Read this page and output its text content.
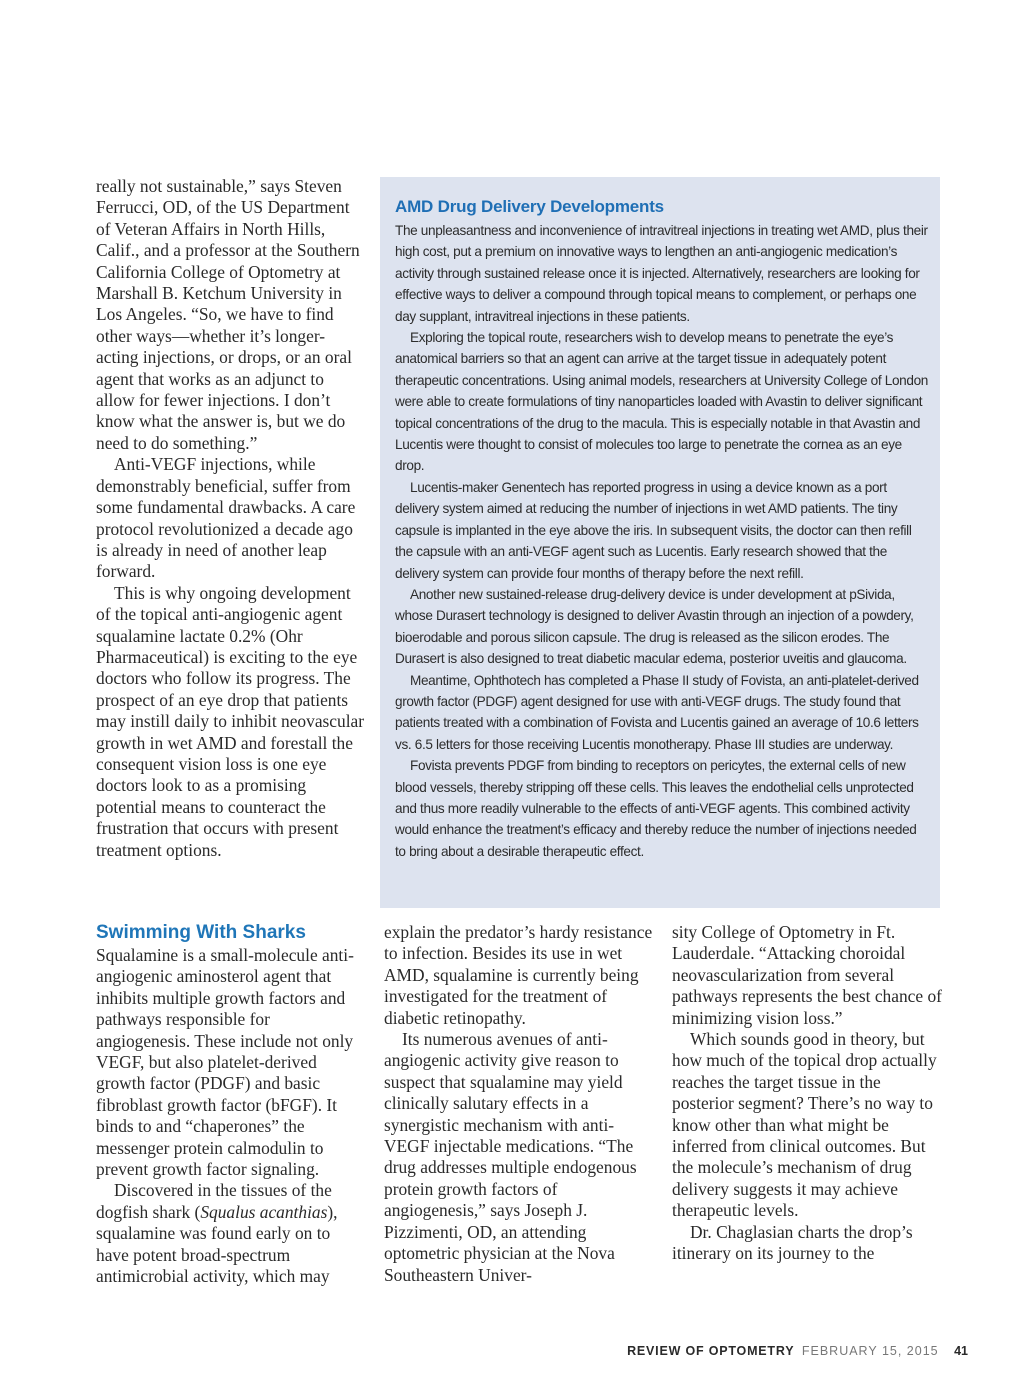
really not sustainable,” says Steven Ferrucci, OD, of the US Department of Veteran Affairs in North Hills, Calif., and a professor at the Southern California College of Optometry at Marshall B. Ketchum University in Los Angeles. “So, we have to find other ways—whether it’s longer-acting injections, or drops, or an oral agent that works as an adjunct to allow for fewer injections. I don’t know what the answer is, but we do need to do something.”

Anti-VEGF injections, while demonstrably beneficial, suffer from some fundamental drawbacks. A care protocol revolutionized a decade ago is already in need of another leap forward.

This is why ongoing development of the topical anti-angiogenic agent squalamine lactate 0.2% (Ohr Pharmaceutical) is exciting to the eye doctors who follow its progress. The prospect of an eye drop that patients may instill daily to inhibit neovascular growth in wet AMD and forestall the consequent vision loss is one eye doctors look to as a promising potential means to counteract the frustration that occurs with present treatment options.

AMD Drug Delivery Developments

The unpleasantness and inconvenience of intravitreal injections in treating wet AMD, plus their high cost, put a premium on innovative ways to lengthen an anti-angiogenic medication’s activity through sustained release once it is injected. Alternatively, researchers are looking for effective ways to deliver a compound through topical means to complement, or perhaps one day supplant, intravitreal injections in these patients.

Exploring the topical route, researchers wish to develop means to penetrate the eye’s anatomical barriers so that an agent can arrive at the target tissue in adequately potent therapeutic concentrations. Using animal models, researchers at University College of London were able to create formulations of tiny nanoparticles loaded with Avastin to deliver significant topical concentrations of the drug to the macula. This is especially notable in that Avastin and Lucentis were thought to consist of molecules too large to penetrate the cornea as an eye drop.

Lucentis-maker Genentech has reported progress in using a device known as a port delivery system aimed at reducing the number of injections in wet AMD patients. The tiny capsule is implanted in the eye above the iris. In subsequent visits, the doctor can then refill the capsule with an anti-VEGF agent such as Lucentis. Early research showed that the delivery system can provide four months of therapy before the next refill.

Another new sustained-release drug-delivery device is under development at pSivida, whose Durasert technology is designed to deliver Avastin through an injection of a powdery, bioerodable and porous silicon capsule. The drug is released as the silicon erodes. The Durasert is also designed to treat diabetic macular edema, posterior uveitis and glaucoma.

Meantime, Ophthotech has completed a Phase II study of Fovista, an anti-platelet-derived growth factor (PDGF) agent designed for use with anti-VEGF drugs. The study found that patients treated with a combination of Fovista and Lucentis gained an average of 10.6 letters vs. 6.5 letters for those receiving Lucentis monotherapy. Phase III studies are underway.

Fovista prevents PDGF from binding to receptors on pericytes, the external cells of new blood vessels, thereby stripping off these cells. This leaves the endothelial cells unprotected and thus more readily vulnerable to the effects of anti-VEGF agents. This combined activity would enhance the treatment’s efficacy and thereby reduce the number of injections needed to bring about a desirable therapeutic effect.

Swimming With Sharks

Squalamine is a small-molecule anti-angiogenic aminosterol agent that inhibits multiple growth factors and pathways responsible for angiogenesis. These include not only VEGF, but also platelet-derived growth factor (PDGF) and basic fibroblast growth factor (bFGF). It binds to and “chaperones” the messenger protein calmodulin to prevent growth factor signaling.

Discovered in the tissues of the dogfish shark (Squalus acanthias), squalamine was found early on to have potent broad-spectrum antimicrobial activity, which may

explain the predator’s hardy resistance to infection. Besides its use in wet AMD, squalamine is currently being investigated for the treatment of diabetic retinopathy.

Its numerous avenues of anti-angiogenic activity give reason to suspect that squalamine may yield clinically salutary effects in a synergistic mechanism with anti-VEGF injectable medications. “The drug addresses multiple endogenous protein growth factors of angiogenesis,” says Joseph J. Pizzimenti, OD, an attending optometric physician at the Nova Southeastern Univer-

sity College of Optometry in Ft. Lauderdale. “Attacking choroidal neovascularization from several pathways represents the best chance of minimizing vision loss.”

Which sounds good in theory, but how much of the topical drop actually reaches the target tissue in the posterior segment? There’s no way to know other than what might be inferred from clinical outcomes. But the molecule’s mechanism of drug delivery suggests it may achieve therapeutic levels.

Dr. Chaglasian charts the drop’s itinerary on its journey to the

REVIEW OF OPTOMETRY FEBRUARY 15, 2015 41
